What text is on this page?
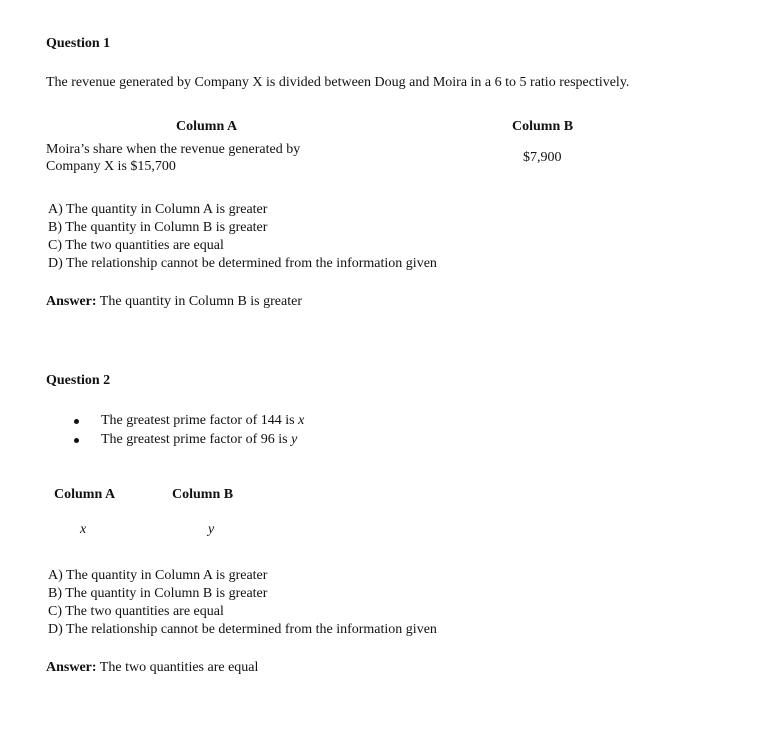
Question 1
The revenue generated by Company X is divided between Doug and Moira in a 6 to 5 ratio respectively.
Column A	Column B
Moira’s share when the revenue generated by
Company X is $15,700
$7,900
A) The quantity in Column A is greater
B) The quantity in Column B is greater
C) The two quantities are equal
D) The relationship cannot be determined from the information given
Answer: The quantity in Column B is greater
Question 2
The greatest prime factor of 144 is x
The greatest prime factor of 96 is y
Column A	Column B
x	y
A) The quantity in Column A is greater
B) The quantity in Column B is greater
C) The two quantities are equal
D) The relationship cannot be determined from the information given
Answer: The two quantities are equal
